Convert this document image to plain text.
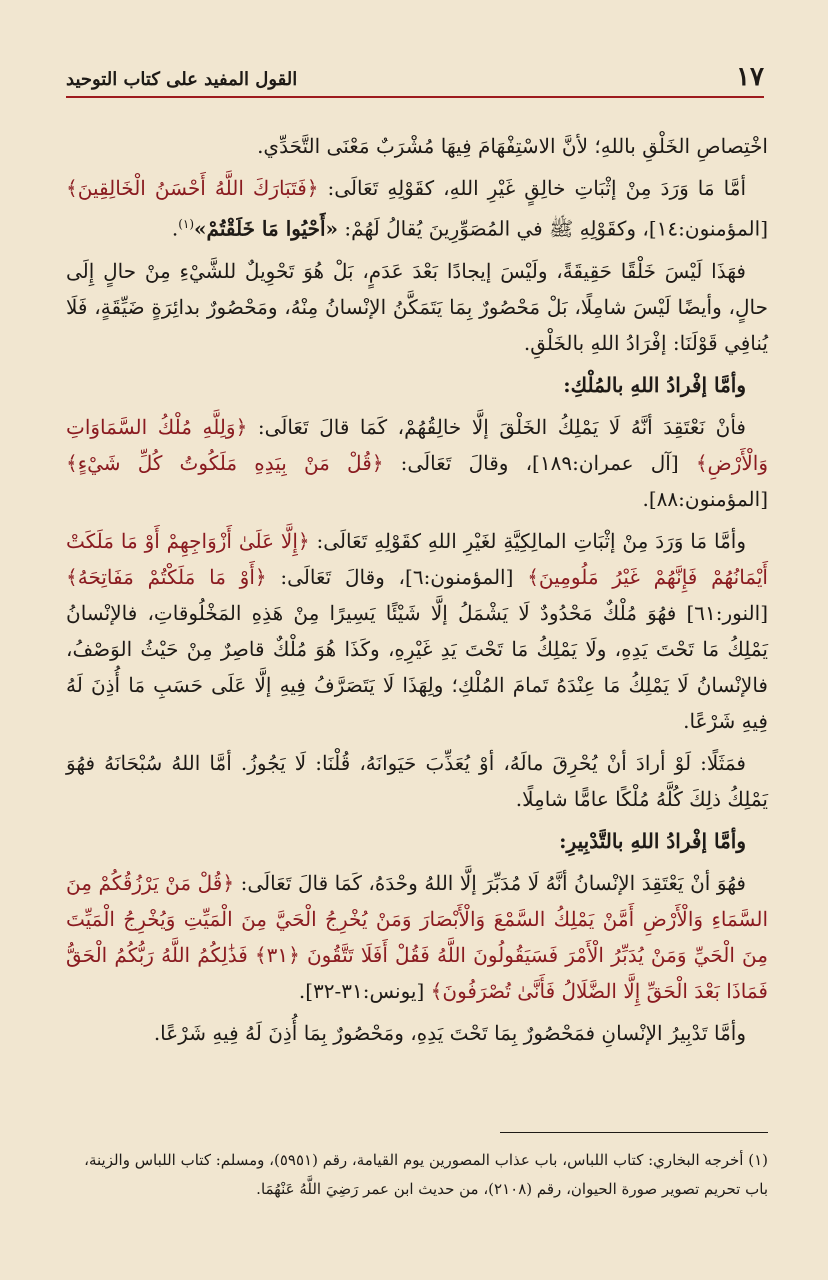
١٧
القول المفيد على كتاب التوحيد

اخْتِصاصِ الخَلْقِ باللهِ؛ لأنَّ الاسْتِفْهَامَ فِيهَا مُشْرَبٌ مَعْنَى التَّحَدِّي.

أمَّا مَا وَرَدَ مِنْ إثْبَاتِ خالِقٍ غَيْرِ اللهِ، كقَوْلِهِ تَعَالَى: ﴿فَتَبَارَكَ اللَّهُ أَحْسَنُ الْخَالِقِينَ﴾ [المؤمنون:١٤]، وكقَوْلِهِ ﷺ في المُصَوِّرِينَ يُقالُ لَهُمْ: «أَحْيُوا مَا خَلَقْتُمْ»$^{(١)}$.

فهَذَا لَيْسَ خَلْقًا حَقِيقَةً، ولَيْسَ إيجادًا بَعْدَ عَدَمٍ، بَلْ هُوَ تَحْوِيلٌ للشَّيْءِ مِنْ حالٍ إِلَى حالٍ، وأيضًا لَيْسَ شامِلًا، بَلْ مَحْصُورٌ بِمَا يَتَمَكَّنُ الإنْسانُ مِنْهُ، ومَحْصُورٌ بدائِرَةٍ ضَيِّقَةٍ، فَلَا يُنافِي قَوْلَنَا: إفْرَادُ اللهِ بالخَلْقِ.

وأمَّا إفْرادُ اللهِ بالمُلْكِ:

فأنْ نَعْتَقِدَ أنَّهُ لَا يَمْلِكُ الخَلْقَ إلَّا خالِقُهُمْ، كَمَا قالَ تَعَالَى: ﴿وَلِلَّهِ مُلْكُ السَّمَاوَاتِ وَالْأَرْضِ﴾ [آل عمران:١٨٩]، وقالَ تَعَالَى: ﴿قُلْ مَنْ بِيَدِهِ مَلَكُوتُ كُلِّ شَيْءٍ﴾ [المؤمنون:٨٨].

وأمَّا مَا وَرَدَ مِنْ إثْبَاتِ المالِكِيَّةِ لغَيْرِ اللهِ كقَوْلِهِ تَعَالَى: ﴿إِلَّا عَلَىٰ أَزْوَاجِهِمْ أَوْ مَا مَلَكَتْ أَيْمَانُهُمْ فَإِنَّهُمْ غَيْرُ مَلُومِينَ﴾ [المؤمنون:٦]، وقالَ تَعَالَى: ﴿أَوْ مَا مَلَكْتُمْ مَفَاتِحَهُ﴾ [النور:٦١] فهُوَ مُلْكٌ مَحْدُودٌ لَا يَشْمَلُ إلَّا شَيْئًا يَسِيرًا مِنْ هَذِهِ المَخْلُوقاتِ، فالإنْسانُ يَمْلِكُ مَا تَحْتَ يَدِهِ، ولَا يَمْلِكُ مَا تَحْتَ يَدِ غَيْرِهِ، وكَذَا هُوَ مُلْكٌ قاصِرٌ مِنْ حَيْثُ الوَصْفُ، فالإنْسانُ لَا يَمْلِكُ مَا عِنْدَهُ تَمامَ المُلْكِ؛ ولِهَذَا لَا يَتَصَرَّفُ فِيهِ إلَّا عَلَى حَسَبِ مَا أُذِنَ لَهُ فِيهِ شَرْعًا.

فمَثَلًا: لَوْ أرادَ أنْ يُحْرِقَ مالَهُ، أوْ يُعَذِّبَ حَيَوانَهُ، قُلْنَا: لَا يَجُوزُ. أمَّا اللهُ سُبْحَانَهُ فهُوَ يَمْلِكُ ذلِكَ كُلَّهُ مُلْكًا عامًّا شامِلًا.

وأمَّا إفْرادُ اللهِ بالتَّدْبِيرِ:

فهُوَ أنْ يَعْتَقِدَ الإنْسانُ أنَّهُ لَا مُدَبِّرَ إلَّا اللهُ وحْدَهُ، كَمَا قالَ تَعَالَى: ﴿قُلْ مَنْ يَرْزُقُكُمْ مِنَ السَّمَاءِ وَالْأَرْضِ أَمَّنْ يَمْلِكُ السَّمْعَ وَالْأَبْصَارَ وَمَنْ يُخْرِجُ الْحَيَّ مِنَ الْمَيِّتِ وَيُخْرِجُ الْمَيِّتَ مِنَ الْحَيِّ وَمَنْ يُدَبِّرُ الْأَمْرَ فَسَيَقُولُونَ اللَّهُ فَقُلْ أَفَلَا تَتَّقُونَ ﴿٣١﴾ فَذَٰلِكُمُ اللَّهُ رَبُّكُمُ الْحَقُّ فَمَاذَا بَعْدَ الْحَقِّ إِلَّا الضَّلَالُ فَأَنَّىٰ تُصْرَفُونَ﴾ [يونس:٣١-٣٢].

وأمَّا تَدْبِيرُ الإنْسانِ فمَحْصُورٌ بِمَا تَحْتَ يَدِهِ، ومَحْصُورٌ بِمَا أُذِنَ لَهُ فِيهِ شَرْعًا.

(١) أخرجه البخاري: كتاب اللباس، باب عذاب المصورين يوم القيامة، رقم (٥٩٥١)، ومسلم: كتاب اللباس والزينة،

باب تحريم تصوير صورة الحيوان، رقم (٢١٠٨)، من حديث ابن عمر رَضِيَ اللَّهُ عَنْهُمَا.
